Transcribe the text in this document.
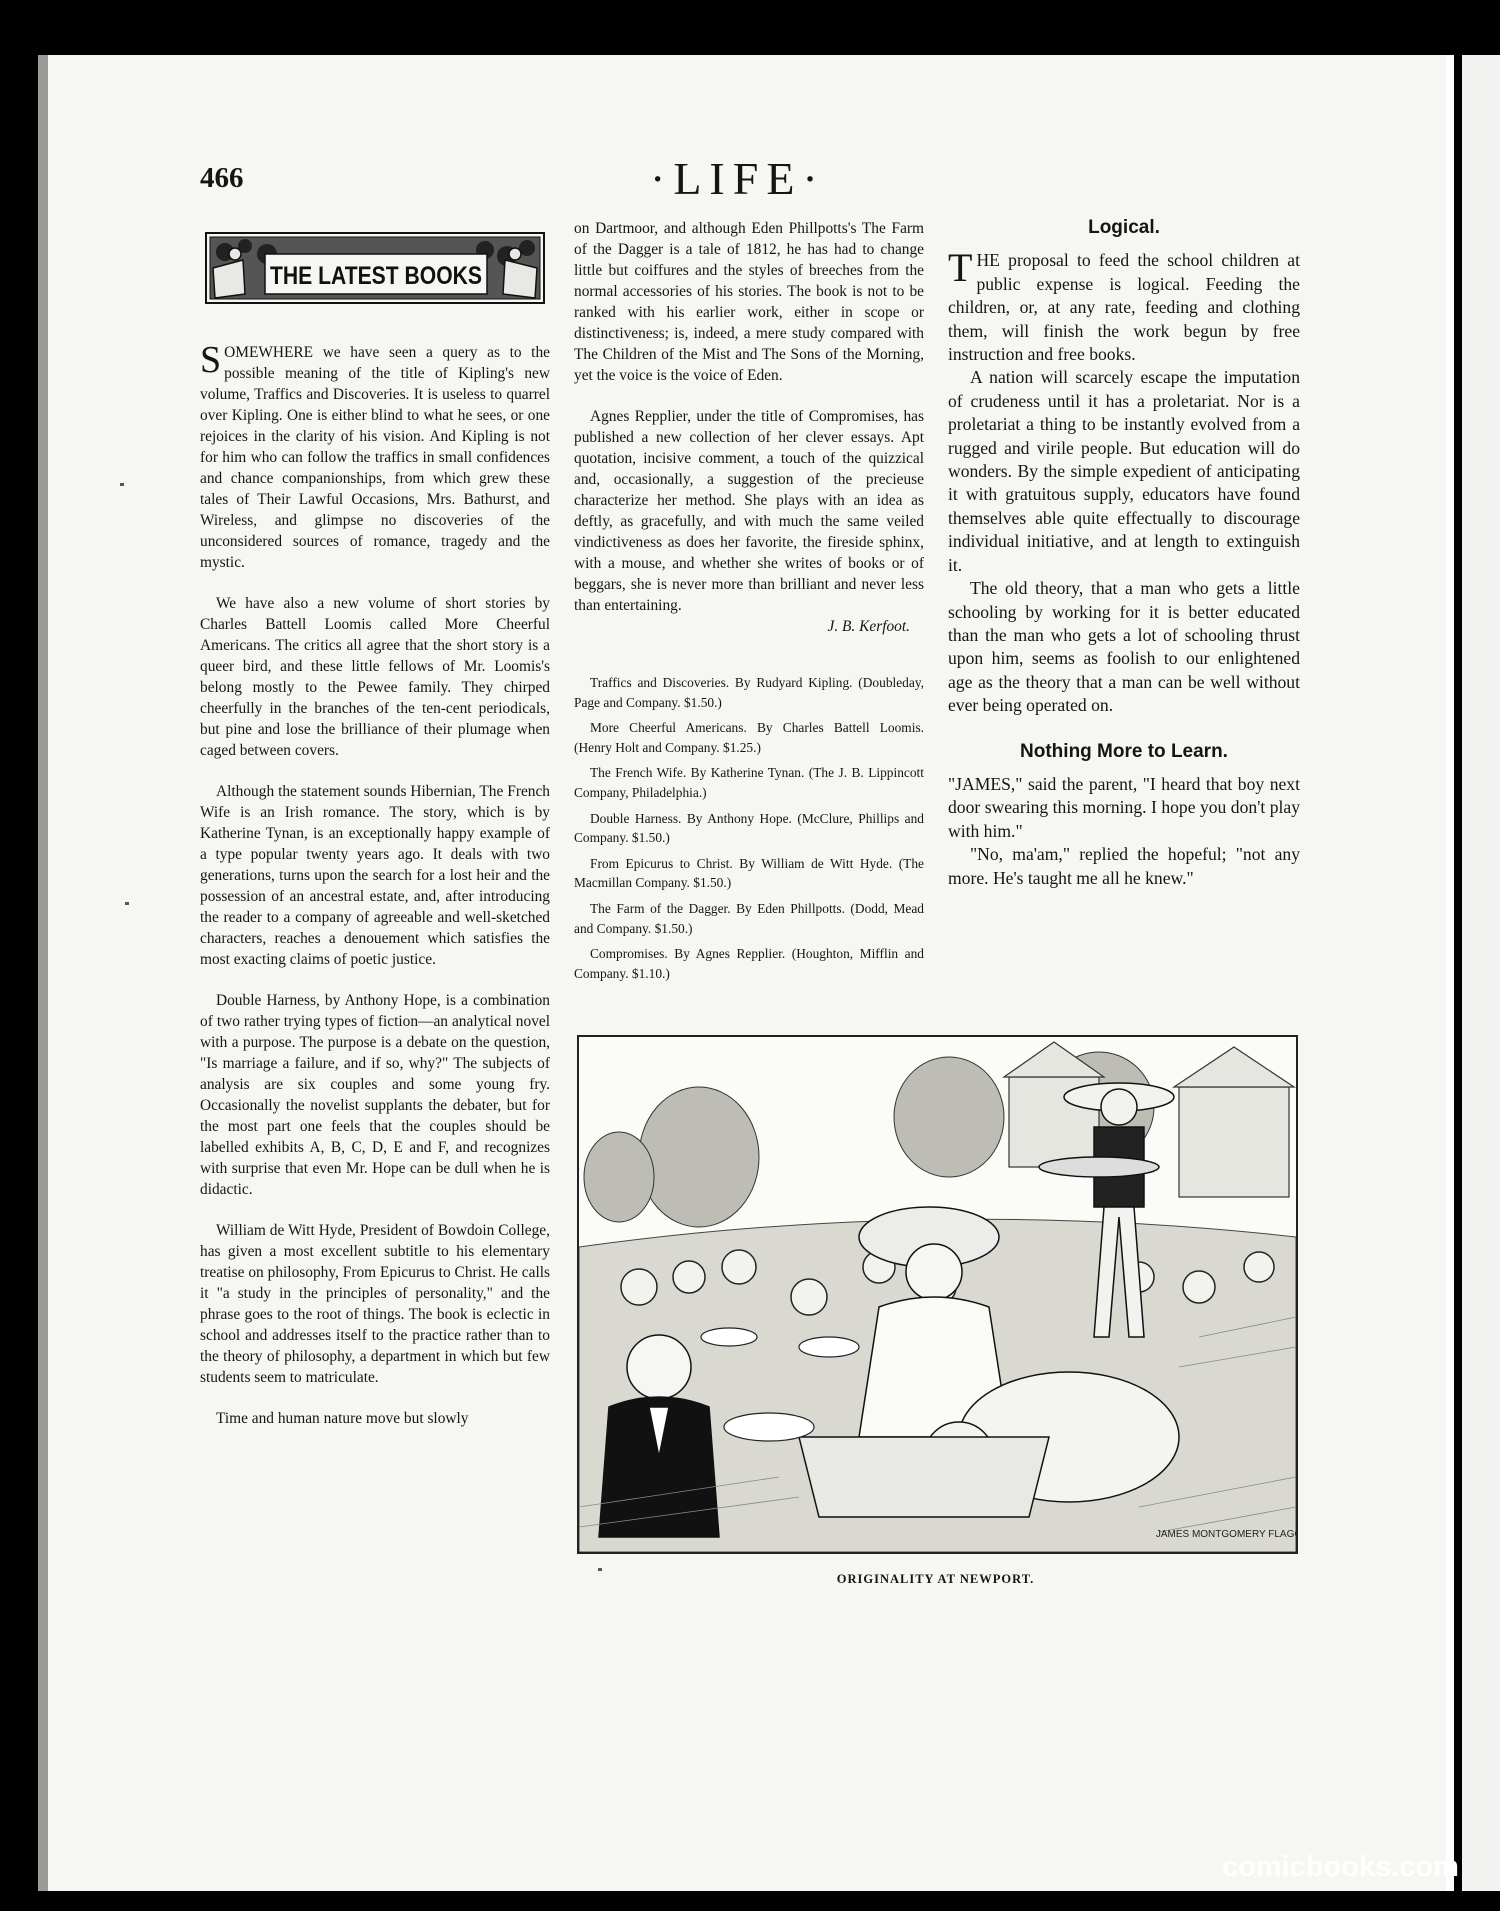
466	·LIFE·
THE LATEST BOOKS

SOMEWHERE we have seen a query as to the possible meaning of the title of Kipling's new volume, Traffics and Discoveries. It is useless to quarrel over Kipling. One is either blind to what he sees, or one rejoices in the clarity of his vision. And Kipling is not for him who can follow the traffics in small confidences and chance companionships, from which grew these tales of Their Lawful Occasions, Mrs. Bathurst, and Wireless, and glimpse no discoveries of the unconsidered sources of romance, tragedy and the mystic.

We have also a new volume of short stories by Charles Battell Loomis called More Cheerful Americans. The critics all agree that the short story is a queer bird, and these little fellows of Mr. Loomis's belong mostly to the Pewee family. They chirped cheerfully in the branches of the ten-cent periodicals, but pine and lose the brilliance of their plumage when caged between covers.

Although the statement sounds Hibernian, The French Wife is an Irish romance. The story, which is by Katherine Tynan, is an exceptionally happy example of a type popular twenty years ago. It deals with two generations, turns upon the search for a lost heir and the possession of an ancestral estate, and, after introducing the reader to a company of agreeable and well-sketched characters, reaches a denouement which satisfies the most exacting claims of poetic justice.

Double Harness, by Anthony Hope, is a combination of two rather trying types of fiction—an analytical novel with a purpose. The purpose is a debate on the question, "Is marriage a failure, and if so, why?" The subjects of analysis are six couples and some young fry. Occasionally the novelist supplants the debater, but for the most part one feels that the couples should be labelled exhibits A, B, C, D, E and F, and recognizes with surprise that even Mr. Hope can be dull when he is didactic.

William de Witt Hyde, President of Bowdoin College, has given a most excellent subtitle to his elementary treatise on philosophy, From Epicurus to Christ. He calls it "a study in the principles of personality," and the phrase goes to the root of things. The book is eclectic in school and addresses itself to the practice rather than to the theory of philosophy, a department in which but few students seem to matriculate.

Time and human nature move but slowly

on Dartmoor, and although Eden Phillpotts's The Farm of the Dagger is a tale of 1812, he has had to change little but coiffures and the styles of breeches from the normal accessories of his stories. The book is not to be ranked with his earlier work, either in scope or distinctiveness; is, indeed, a mere study compared with The Children of the Mist and The Sons of the Morning, yet the voice is the voice of Eden.

Agnes Repplier, under the title of Compromises, has published a new collection of her clever essays. Apt quotation, incisive comment, a touch of the quizzical and, occasionally, a suggestion of the precieuse characterize her method. She plays with an idea as deftly, as gracefully, and with much the same veiled vindictiveness as does her favorite, the fireside sphinx, with a mouse, and whether she writes of books or of beggars, she is never more than brilliant and never less than entertaining.

J. B. Kerfoot.
Traffics and Discoveries. By Rudyard Kipling. (Doubleday, Page and Company. $1.50.)
More Cheerful Americans. By Charles Battell Loomis. (Henry Holt and Company. $1.25.)
The French Wife. By Katherine Tynan. (The J. B. Lippincott Company, Philadelphia.)
Double Harness. By Anthony Hope. (McClure, Phillips and Company. $1.50.)
From Epicurus to Christ. By William de Witt Hyde. (The Macmillan Company. $1.50.)
The Farm of the Dagger. By Eden Phillpotts. (Dodd, Mead and Company. $1.50.)
Compromises. By Agnes Repplier. (Houghton, Mifflin and Company. $1.10.)
Logical.

THE proposal to feed the school children at public expense is logical. Feeding the children, or, at any rate, feeding and clothing them, will finish the work begun by free instruction and free books.

A nation will scarcely escape the imputation of crudeness until it has a proletariat. Nor is a proletariat a thing to be instantly evolved from a rugged and virile people. But education will do wonders. By the simple expedient of anticipating it with gratuitous supply, educators have found themselves able quite effectually to discourage individual initiative, and at length to extinguish it.

The old theory, that a man who gets a little schooling by working for it is better educated than the man who gets a lot of schooling thrust upon him, seems as foolish to our enlightened age as the theory that a man can be well without ever being operated on.

Nothing More to Learn.

"JAMES," said the parent, "I heard that boy next door swearing this morning. I hope you don't play with him."

"No, ma'am," replied the hopeful; "not any more. He's taught me all he knew."

JAMES MONTGOMERY FLAGG
ORIGINALITY AT NEWPORT.
comicbooks.com
